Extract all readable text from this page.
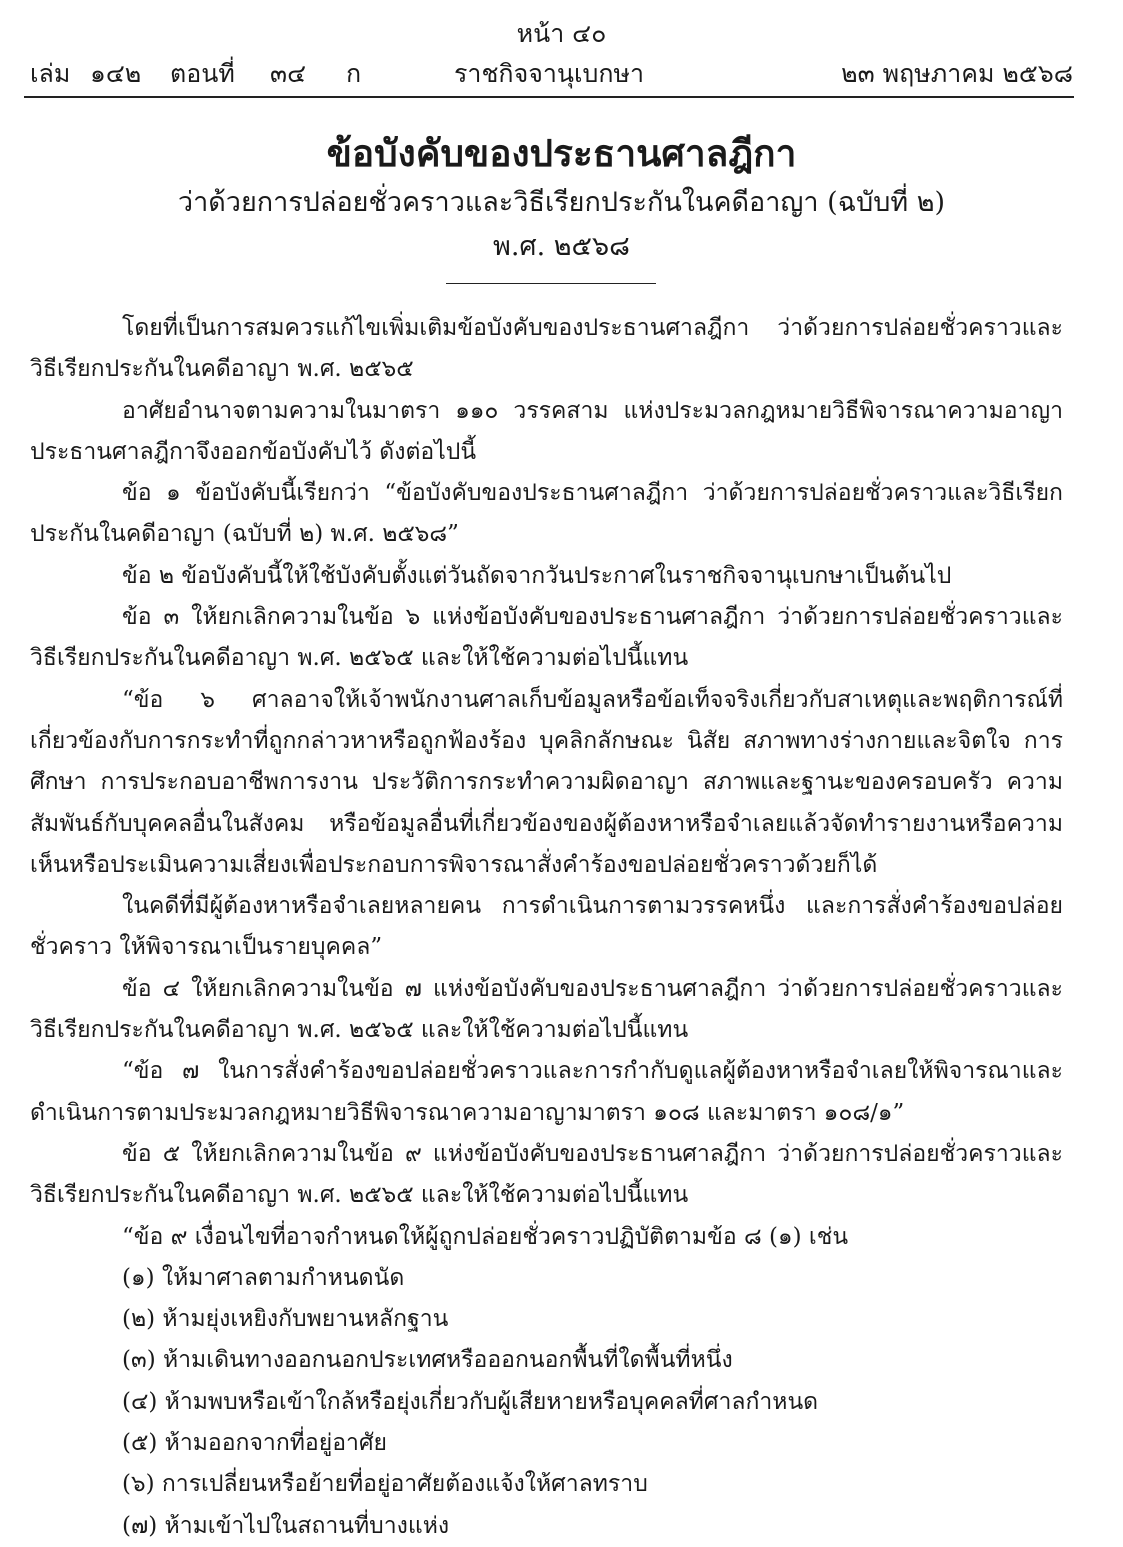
หน้า ๔๐
เล่ม ๑๔๒ ตอนที่ ๓๔ ก	ราชกิจจานุเบกษา	๒๓ พฤษภาคม ๒๕๖๘
ข้อบังคับของประธานศาลฎีกา
ว่าด้วยการปล่อยชั่วคราวและวิธีเรียกประกันในคดีอาญา (ฉบับที่ ๒)
พ.ศ. ๒๕๖๘

โดยที่เป็นการสมควรแก้ไขเพิ่มเติมข้อบังคับของประธานศาลฎีกา ว่าด้วยการปล่อยชั่วคราวและวิธีเรียกประกันในคดีอาญา พ.ศ. ๒๕๖๕

อาศัยอำนาจตามความในมาตรา ๑๑๐ วรรคสาม แห่งประมวลกฎหมายวิธีพิจารณาความอาญา ประธานศาลฎีกาจึงออกข้อบังคับไว้ ดังต่อไปนี้

ข้อ ๑ ข้อบังคับนี้เรียกว่า “ข้อบังคับของประธานศาลฎีกา ว่าด้วยการปล่อยชั่วคราวและวิธีเรียกประกันในคดีอาญา (ฉบับที่ ๒) พ.ศ. ๒๕๖๘”

ข้อ ๒ ข้อบังคับนี้ให้ใช้บังคับตั้งแต่วันถัดจากวันประกาศในราชกิจจานุเบกษาเป็นต้นไป

ข้อ ๓ ให้ยกเลิกความในข้อ ๖ แห่งข้อบังคับของประธานศาลฎีกา ว่าด้วยการปล่อยชั่วคราวและวิธีเรียกประกันในคดีอาญา พ.ศ. ๒๕๖๕ และให้ใช้ความต่อไปนี้แทน

“ข้อ ๖ ศาลอาจให้เจ้าพนักงานศาลเก็บข้อมูลหรือข้อเท็จจริงเกี่ยวกับสาเหตุและพฤติการณ์ที่เกี่ยวข้องกับการกระทำที่ถูกกล่าวหาหรือถูกฟ้องร้อง บุคลิกลักษณะ นิสัย สภาพทางร่างกายและจิตใจ การศึกษา การประกอบอาชีพการงาน ประวัติการกระทำความผิดอาญา สภาพและฐานะของครอบครัว ความสัมพันธ์กับบุคคลอื่นในสังคม หรือข้อมูลอื่นที่เกี่ยวข้องของผู้ต้องหาหรือจำเลยแล้วจัดทำรายงานหรือความเห็นหรือประเมินความเสี่ยงเพื่อประกอบการพิจารณาสั่งคำร้องขอปล่อยชั่วคราวด้วยก็ได้

ในคดีที่มีผู้ต้องหาหรือจำเลยหลายคน การดำเนินการตามวรรคหนึ่ง และการสั่งคำร้องขอปล่อยชั่วคราว ให้พิจารณาเป็นรายบุคคล”

ข้อ ๔ ให้ยกเลิกความในข้อ ๗ แห่งข้อบังคับของประธานศาลฎีกา ว่าด้วยการปล่อยชั่วคราวและวิธีเรียกประกันในคดีอาญา พ.ศ. ๒๕๖๕ และให้ใช้ความต่อไปนี้แทน

“ข้อ ๗ ในการสั่งคำร้องขอปล่อยชั่วคราวและการกำกับดูแลผู้ต้องหาหรือจำเลยให้พิจารณาและดำเนินการตามประมวลกฎหมายวิธีพิจารณาความอาญามาตรา ๑๐๘ และมาตรา ๑๐๘/๑”

ข้อ ๕ ให้ยกเลิกความในข้อ ๙ แห่งข้อบังคับของประธานศาลฎีกา ว่าด้วยการปล่อยชั่วคราวและวิธีเรียกประกันในคดีอาญา พ.ศ. ๒๕๖๕ และให้ใช้ความต่อไปนี้แทน

“ข้อ ๙ เงื่อนไขที่อาจกำหนดให้ผู้ถูกปล่อยชั่วคราวปฏิบัติตามข้อ ๘ (๑) เช่น

(๑) ให้มาศาลตามกำหนดนัด

(๒) ห้ามยุ่งเหยิงกับพยานหลักฐาน

(๓) ห้ามเดินทางออกนอกประเทศหรือออกนอกพื้นที่ใดพื้นที่หนึ่ง

(๔) ห้ามพบหรือเข้าใกล้หรือยุ่งเกี่ยวกับผู้เสียหายหรือบุคคลที่ศาลกำหนด

(๕) ห้ามออกจากที่อยู่อาศัย

(๖) การเปลี่ยนหรือย้ายที่อยู่อาศัยต้องแจ้งให้ศาลทราบ

(๗) ห้ามเข้าไปในสถานที่บางแห่ง
